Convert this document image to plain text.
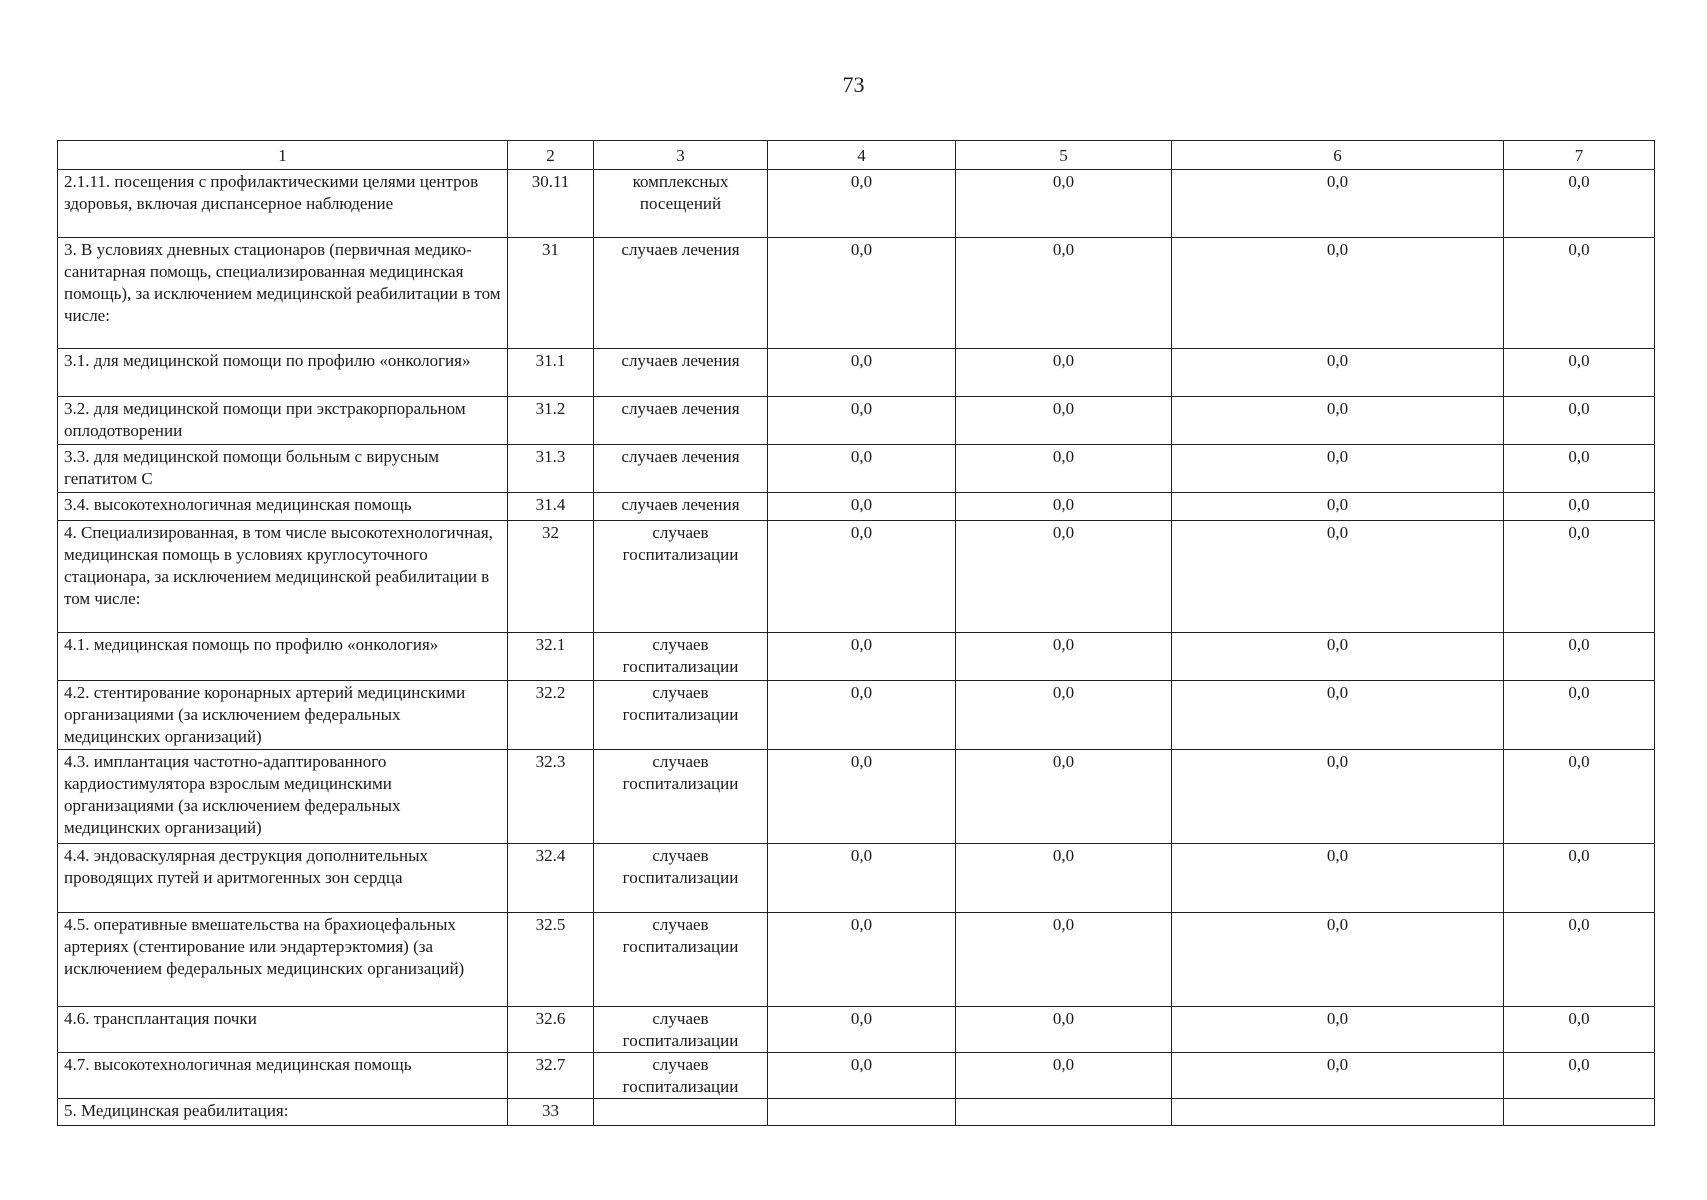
73
1	2	3	4	5	6	7
2.1.11. посещения с профилактическими целями центров здоровья, включая диспансерное наблюдение	30.11	комплексных посещений	0,0	0,0	0,0	0,0
3. В условиях дневных стационаров (первичная медико-санитарная помощь, специализированная медицинская помощь), за исключением медицинской реабилитации в том числе:	31	случаев лечения	0,0	0,0	0,0	0,0
3.1. для медицинской помощи по профилю «онкология»	31.1	случаев лечения	0,0	0,0	0,0	0,0
3.2. для медицинской помощи при экстракорпоральном оплодотворении	31.2	случаев лечения	0,0	0,0	0,0	0,0
3.3. для медицинской помощи больным с вирусным гепатитом С	31.3	случаев лечения	0,0	0,0	0,0	0,0
3.4. высокотехнологичная медицинская помощь	31.4	случаев лечения	0,0	0,0	0,0	0,0
4. Специализированная, в том числе высокотехнологичная, медицинская помощь в условиях круглосуточного стационара, за исключением медицинской реабилитации в том числе:	32	случаев госпитализации	0,0	0,0	0,0	0,0
4.1. медицинская помощь по профилю «онкология»	32.1	случаев госпитализации	0,0	0,0	0,0	0,0
4.2. стентирование коронарных артерий медицинскими организациями (за исключением федеральных медицинских организаций)	32.2	случаев госпитализации	0,0	0,0	0,0	0,0
4.3. имплантация частотно-адаптированного кардиостимулятора взрослым медицинскими организациями (за исключением федеральных медицинских организаций)	32.3	случаев госпитализации	0,0	0,0	0,0	0,0
4.4. эндоваскулярная деструкция дополнительных проводящих путей и аритмогенных зон сердца	32.4	случаев госпитализации	0,0	0,0	0,0	0,0
4.5. оперативные вмешательства на брахиоцефальных артериях (стентирование или эндартерэктомия) (за исключением федеральных медицинских организаций)	32.5	случаев госпитализации	0,0	0,0	0,0	0,0
4.6. трансплантация почки	32.6	случаев госпитализации	0,0	0,0	0,0	0,0
4.7. высокотехнологичная медицинская помощь	32.7	случаев госпитализации	0,0	0,0	0,0	0,0
5. Медицинская реабилитация:	33					
